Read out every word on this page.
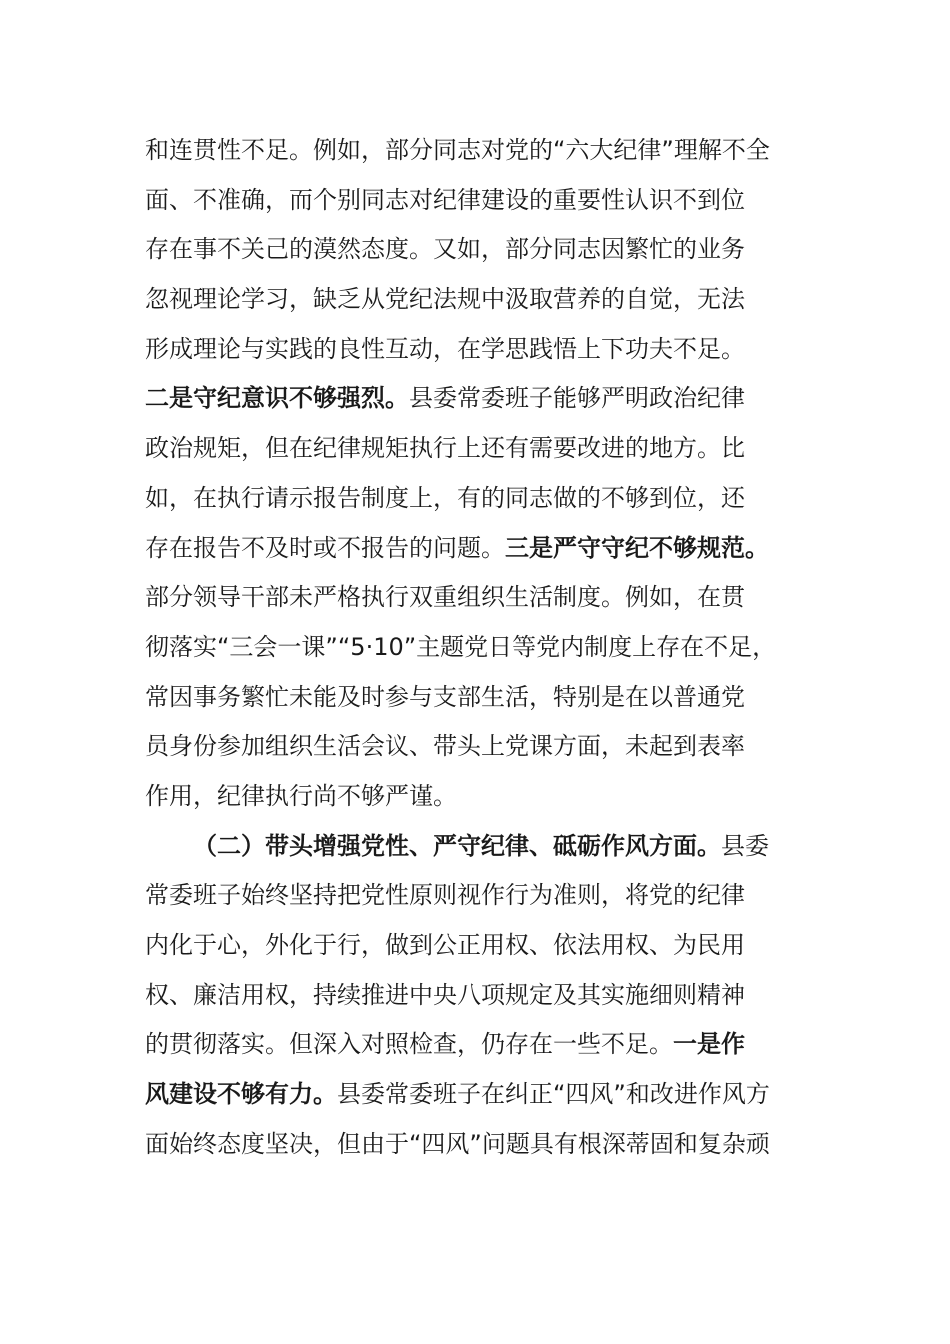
和连贯性不足。例如，部分同志对党的“六大纪律”理解不全
面、不准确，而个别同志对纪律建设的重要性认识不到位
存在事不关己的漠然态度。又如，部分同志因繁忙的业务
忽视理论学习，缺乏从党纪法规中汲取营养的自觉，无法
形成理论与实践的良性互动，在学思践悟上下功夫不足。
二是守纪意识不够强烈。县委常委班子能够严明政治纪律
政治规矩，但在纪律规矩执行上还有需要改进的地方。比
如，在执行请示报告制度上，有的同志做的不够到位，还
存在报告不及时或不报告的问题。三是严守守纪不够规范。
部分领导干部未严格执行双重组织生活制度。例如，在贯
彻落实“三会一课”“5·10”主题党日等党内制度上存在不足，
常因事务繁忙未能及时参与支部生活，特别是在以普通党
员身份参加组织生活会议、带头上党课方面，未起到表率
作用，纪律执行尚不够严谨。
（二）带头增强党性、严守纪律、砥砺作风方面。县委
常委班子始终坚持把党性原则视作行为准则，将党的纪律
内化于心，外化于行，做到公正用权、依法用权、为民用
权、廉洁用权，持续推进中央八项规定及其实施细则精神
的贯彻落实。但深入对照检查，仍存在一些不足。一是作
风建设不够有力。县委常委班子在纠正“四风”和改进作风方
面始终态度坚决，但由于“四风”问题具有根深蒂固和复杂顽
